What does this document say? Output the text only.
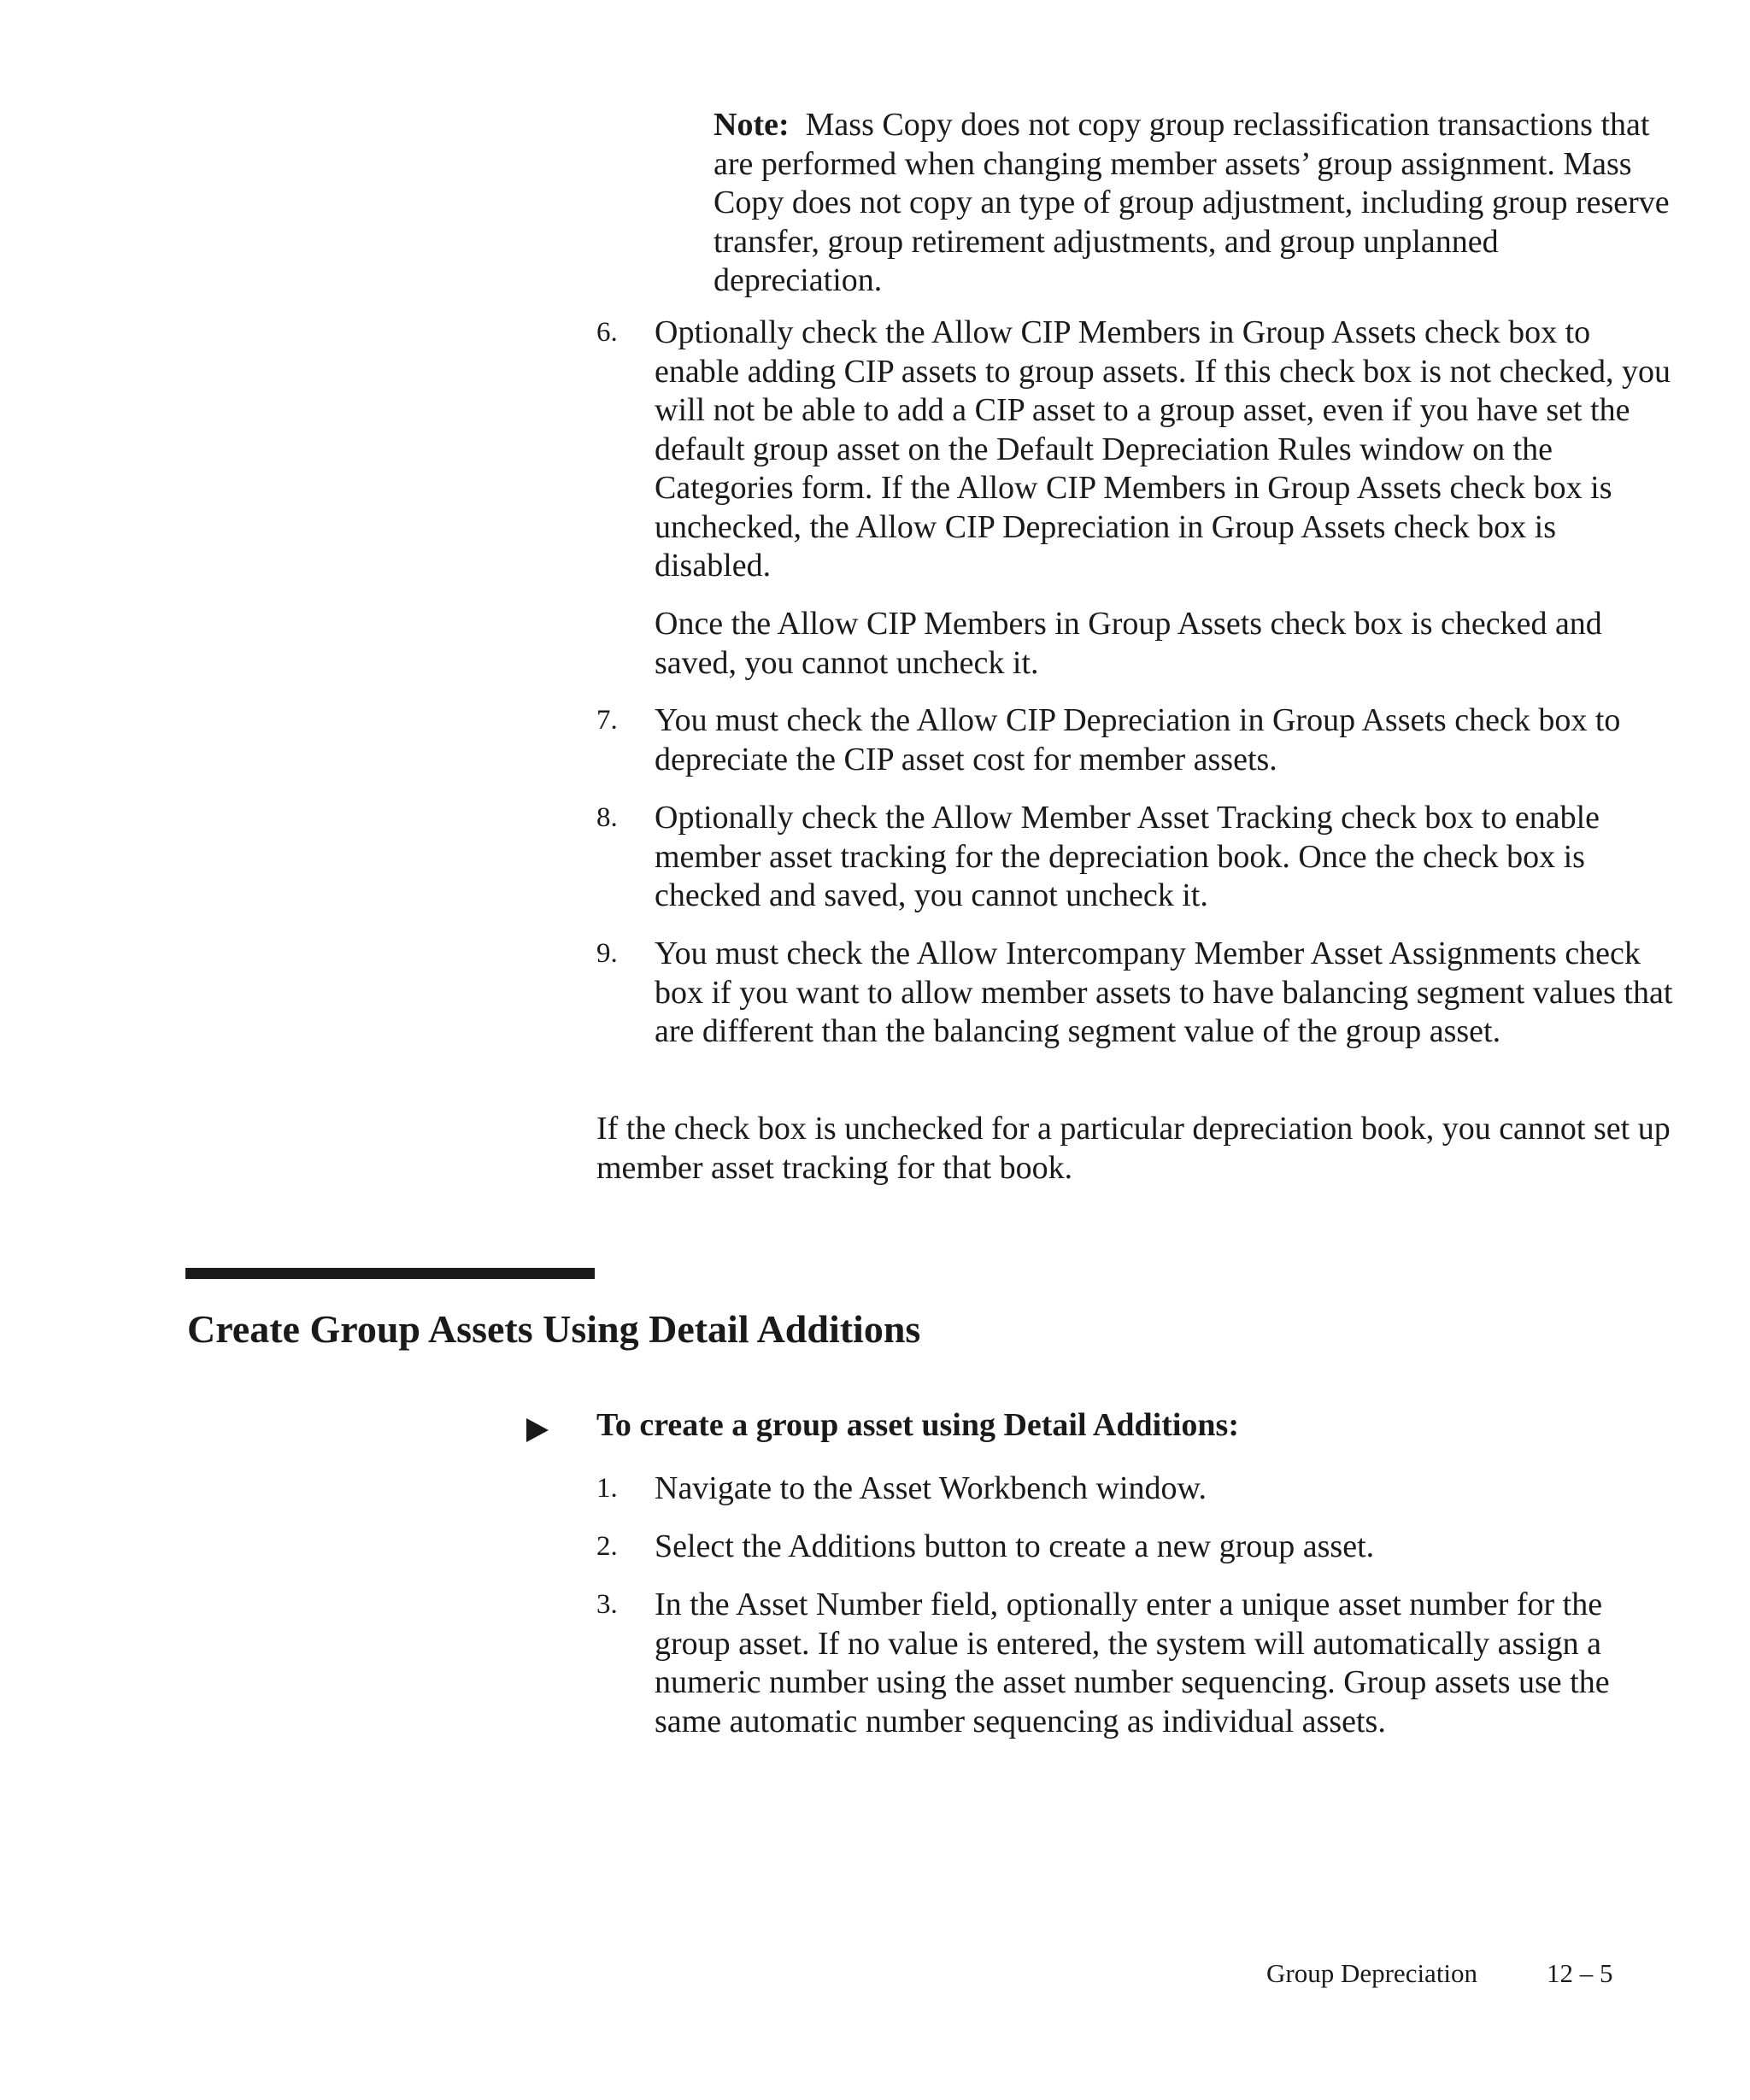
Note: Mass Copy does not copy group reclassification transactions that are performed when changing member assets’ group assignment. Mass Copy does not copy an type of group adjustment, including group reserve transfer, group retirement adjustments, and group unplanned depreciation.
6.	Optionally check the Allow CIP Members in Group Assets check box to enable adding CIP assets to group assets. If this check box is not checked, you will not be able to add a CIP asset to a group asset, even if you have set the default group asset on the Default Depreciation Rules window on the Categories form. If the Allow CIP Members in Group Assets check box is unchecked, the Allow CIP Depreciation in Group Assets check box is disabled.
Once the Allow CIP Members in Group Assets check box is checked and saved, you cannot uncheck it.
7.	You must check the Allow CIP Depreciation in Group Assets check box to depreciate the CIP asset cost for member assets.
8.	Optionally check the Allow Member Asset Tracking check box to enable member asset tracking for the depreciation book. Once the check box is checked and saved, you cannot uncheck it.
9.	You must check the Allow Intercompany Member Asset Assignments check box if you want to allow member assets to have balancing segment values that are different than the balancing segment value of the group asset.
If the check box is unchecked for a particular depreciation book, you cannot set up member asset tracking for that book.
Create Group Assets Using Detail Additions
To create a group asset using Detail Additions:
1.	Navigate to the Asset Workbench window.
2.	Select the Additions button to create a new group asset.
3.	In the Asset Number field, optionally enter a unique asset number for the group asset. If no value is entered, the system will automatically assign a numeric number using the asset number sequencing. Group assets use the same automatic number sequencing as individual assets.
Group Depreciation	12 – 5
